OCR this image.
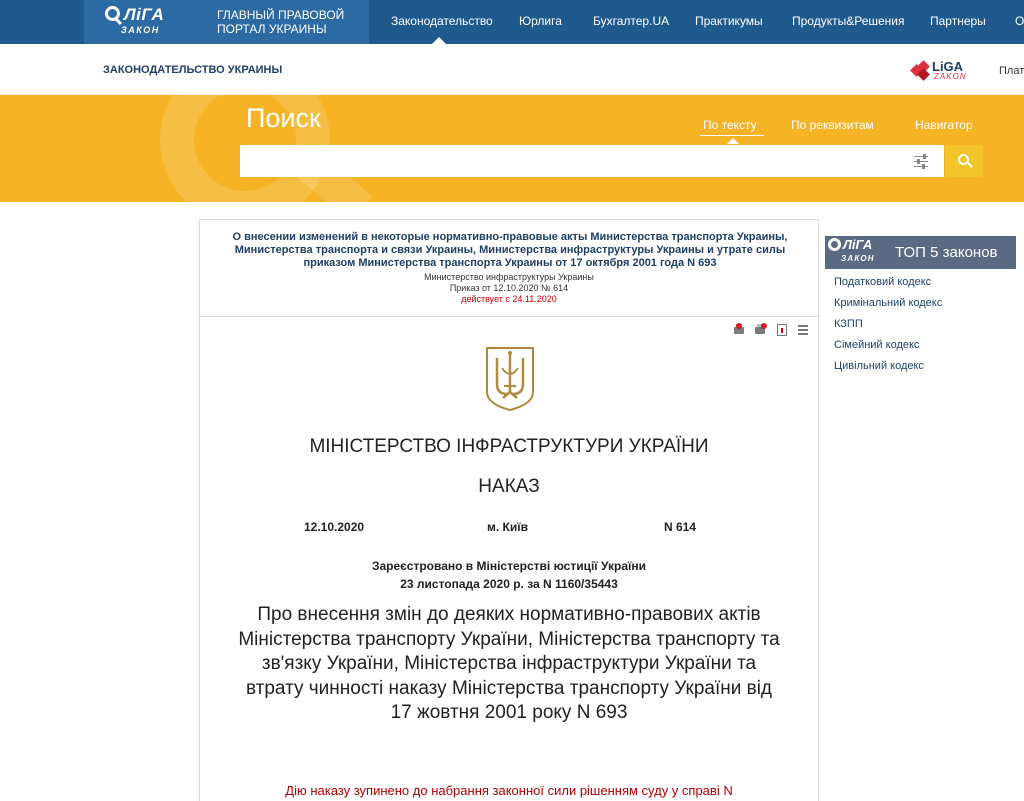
ЛіГА
ЗАКОН
ГЛАВНЫЙ ПРАВОВОЙ ПОРТАЛ УКРАИНЫ
Законодательство Юрлига	Бухгалтер.UA Практикумы Продукты&Решения Партнеры О
ЗАКОНОДАТЕЛЬСТВО УКРАИНЫ	LiGA
ZAKON	Плат
Поиск	По тексту	По реквизитам	Навигатор
О внесении изменений в некоторые нормативно-правовые акты Министерства транспорта Украины, Министерства транспорта и связи Украины, Министерства инфраструктуры Украины и утрате силы приказом Министерства транспорта Украины от 17 октября 2001 года N 693
Министерство инфраструктуры Украины
Приказ от 12.10.2020 № 614
действует с 24.11.2020
МІНІСТЕРСТВО ІНФРАСТРУКТУРИ УКРАЇНИ
НАКАЗ
12.10.2020	м. Київ	N 614
Зареєстровано в Міністерстві юстиції України
23 листопада 2020 р. за N 1160/35443
Про внесення змін до деяких нормативно-правових актів Міністерства транспорту України, Міністерства транспорту та зв'язку України, Міністерства інфраструктури України та втрату чинності наказу Міністерства транспорту України від 17 жовтня 2001 року N 693
Дію наказу зупинено до набрання законної сили рішенням суду у справі N
ЛіГА
ЗАКОН ТОП 5 законов
Податковий кодекс
Кримінальний кодекс
КЗПП
Сімейний кодекс
Цивільний кодекс
